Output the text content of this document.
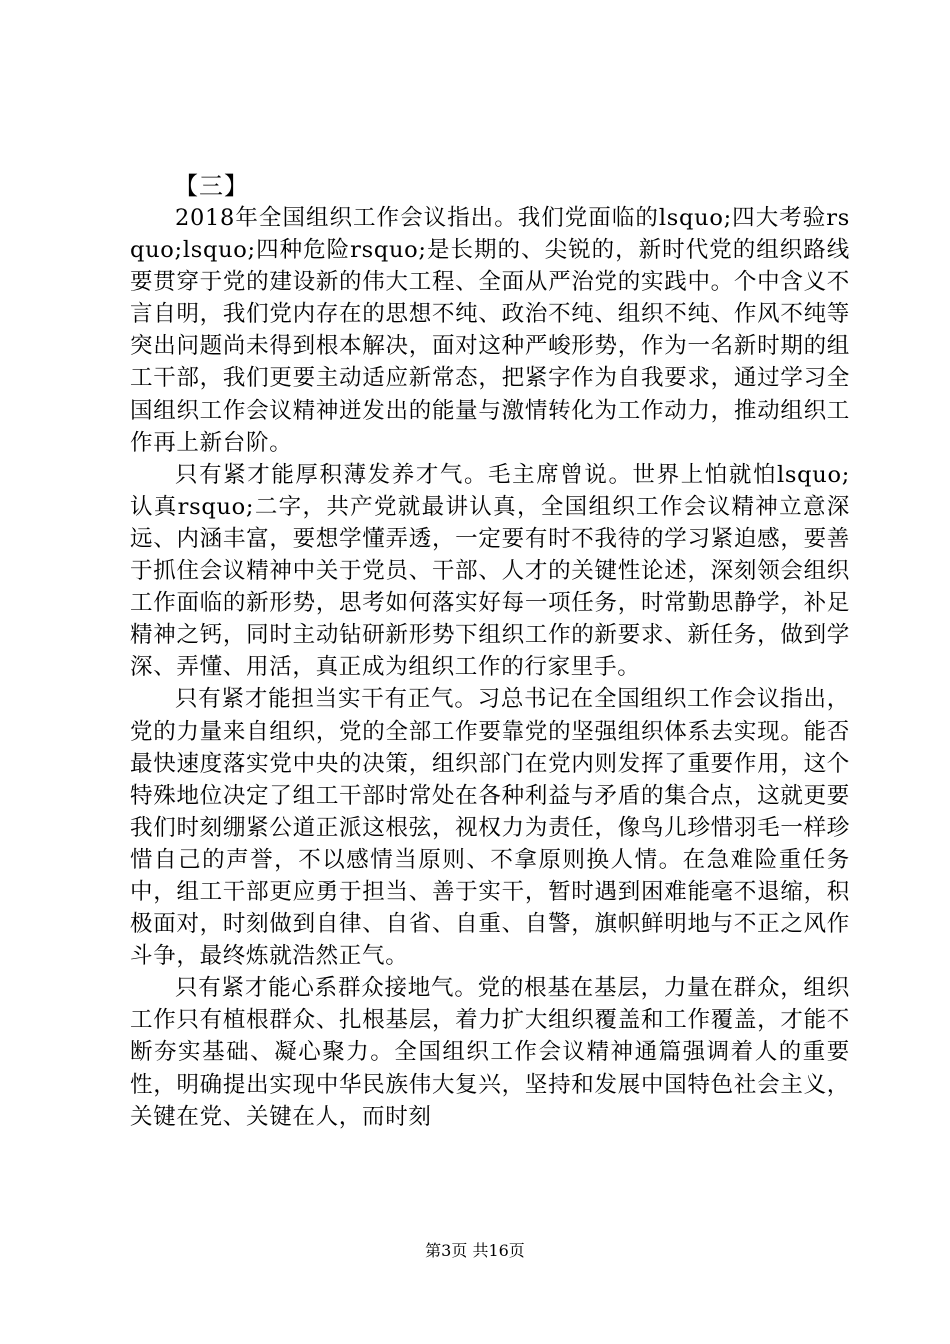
【三】

2018年全国组织工作会议指出。我们党面临的lsquo;四大考验rsquo;lsquo;四种危险rsquo;是长期的、尖锐的，新时代党的组织路线要贯穿于党的建设新的伟大工程、全面从严治党的实践中。个中含义不言自明，我们党内存在的思想不纯、政治不纯、组织不纯、作风不纯等突出问题尚未得到根本解决，面对这种严峻形势，作为一名新时期的组工干部，我们更要主动适应新常态，把紧字作为自我要求，通过学习全国组织工作会议精神迸发出的能量与激情转化为工作动力，推动组织工作再上新台阶。

只有紧才能厚积薄发养才气。毛主席曾说。世界上怕就怕lsquo;认真rsquo;二字，共产党就最讲认真，全国组织工作会议精神立意深远、内涵丰富，要想学懂弄透，一定要有时不我待的学习紧迫感，要善于抓住会议精神中关于党员、干部、人才的关键性论述，深刻领会组织工作面临的新形势，思考如何落实好每一项任务，时常勤思静学，补足精神之钙，同时主动钻研新形势下组织工作的新要求、新任务，做到学深、弄懂、用活，真正成为组织工作的行家里手。

只有紧才能担当实干有正气。习总书记在全国组织工作会议指出，党的力量来自组织，党的全部工作要靠党的坚强组织体系去实现。能否最快速度落实党中央的决策，组织部门在党内则发挥了重要作用，这个特殊地位决定了组工干部时常处在各种利益与矛盾的集合点，这就更要我们时刻绷紧公道正派这根弦，视权力为责任，像鸟儿珍惜羽毛一样珍惜自己的声誉，不以感情当原则、不拿原则换人情。在急难险重任务中，组工干部更应勇于担当、善于实干，暂时遇到困难能毫不退缩，积极面对，时刻做到自律、自省、自重、自警，旗帜鲜明地与不正之风作斗争，最终炼就浩然正气。

只有紧才能心系群众接地气。党的根基在基层，力量在群众，组织工作只有植根群众、扎根基层，着力扩大组织覆盖和工作覆盖，才能不断夯实基础、凝心聚力。全国组织工作会议精神通篇强调着人的重要性，明确提出实现中华民族伟大复兴，坚持和发展中国特色社会主义，关键在党、关键在人，而时刻

第3页 共16页
